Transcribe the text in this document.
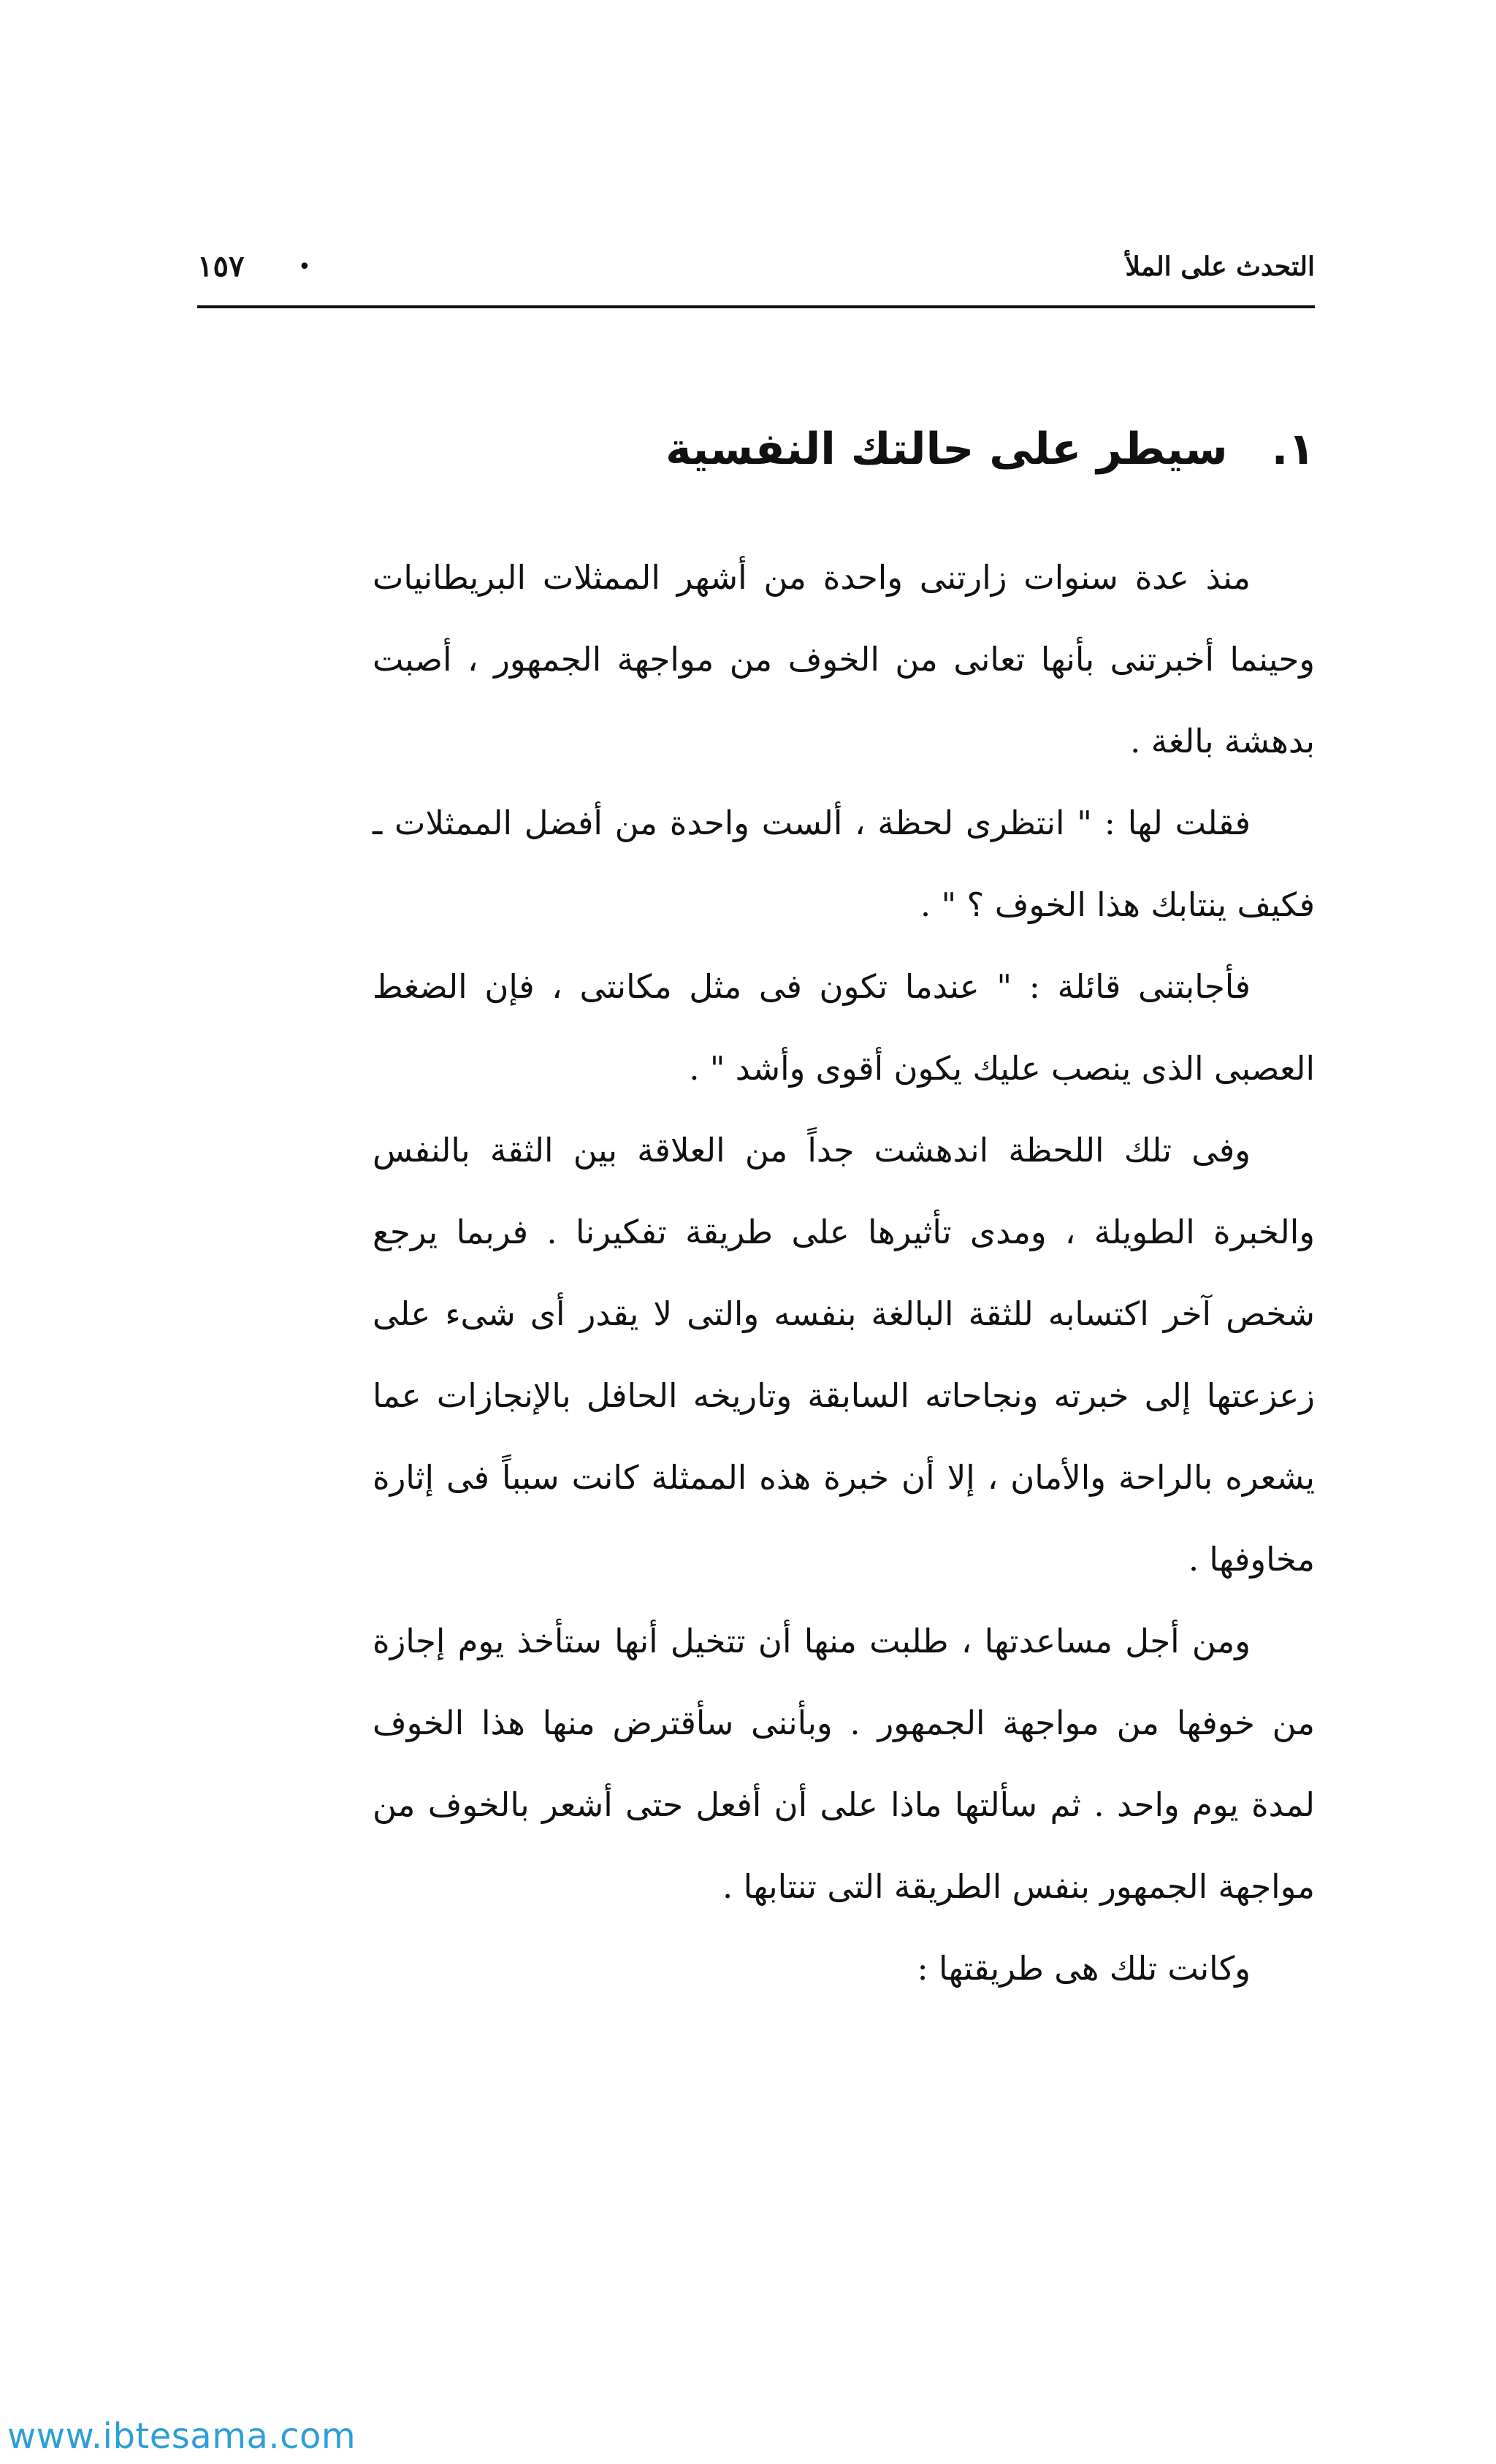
التحدث على الملأ
•
١٥٧
١.سيطر على حالتك النفسية

منذ عدة سنوات زارتنى واحدة من أشهر الممثلات البريطانيات وحينما أخبرتنى بأنها تعانى من الخوف من مواجهة الجمهور ، أصبت بدهشة بالغة .

فقلت لها : " انتظرى لحظة ، ألست واحدة من أفضل الممثلات ـ فكيف ينتابك هذا الخوف ؟ " .

فأجابتنى قائلة : " عندما تكون فى مثل مكانتى ، فإن الضغط العصبى الذى ينصب عليك يكون أقوى وأشد " .

وفى تلك اللحظة اندهشت جداً من العلاقة بين الثقة بالنفس والخبرة الطويلة ، ومدى تأثيرها على طريقة تفكيرنا . فربما يرجع شخص آخر اكتسابه للثقة البالغة بنفسه والتى لا يقدر أى شىء على زعزعتها إلى خبرته ونجاحاته السابقة وتاريخه الحافل بالإنجازات عما يشعره بالراحة والأمان ، إلا أن خبرة هذه الممثلة كانت سبباً فى إثارة مخاوفها .

ومن أجل مساعدتها ، طلبت منها أن تتخيل أنها ستأخذ يوم إجازة من خوفها من مواجهة الجمهور . وبأننى سأقترض منها هذا الخوف لمدة يوم واحد . ثم سألتها ماذا على أن أفعل حتى أشعر بالخوف من مواجهة الجمهور بنفس الطريقة التى تنتابها .

وكانت تلك هى طريقتها :

www.ibtesama.com
